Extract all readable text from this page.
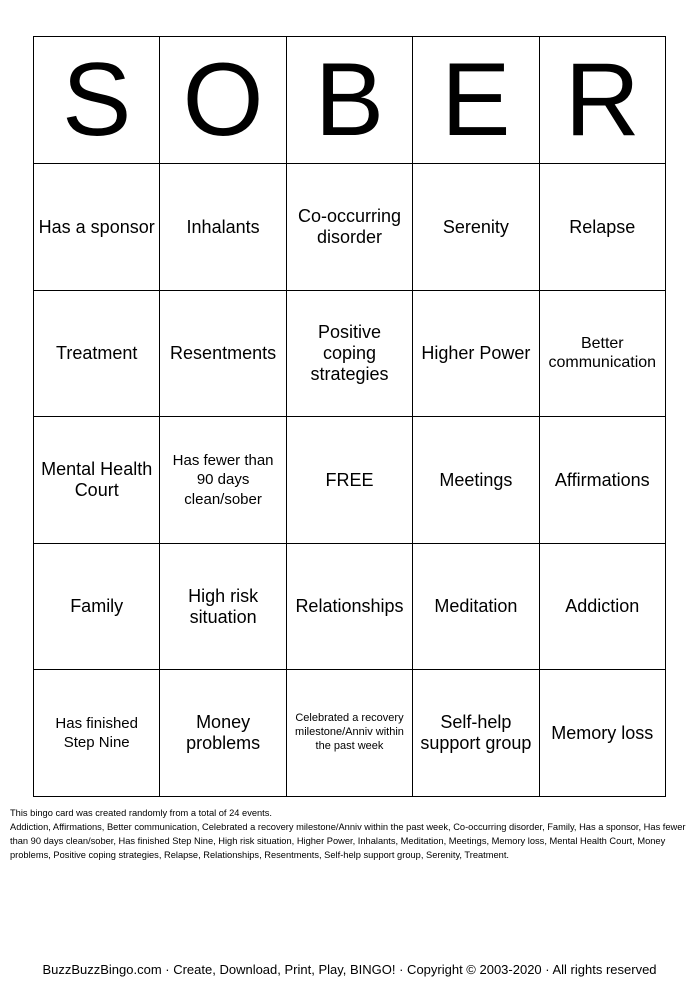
S	O	B	E	R
Has a sponsor	Inhalants	Co-occurring disorder	Serenity	Relapse
Treatment	Resentments	Positive coping strategies	Higher Power	Better communication
Mental Health Court	Has fewer than 90 days clean/sober	FREE	Meetings	Affirmations
Family	High risk situation	Relationships	Meditation	Addiction
Has finished Step Nine	Money problems	Celebrated a recovery milestone/Anniv within the past week	Self-help support group	Memory loss
This bingo card was created randomly from a total of 24 events.
Addiction, Affirmations, Better communication, Celebrated a recovery milestone/Anniv within the past week, Co-occurring disorder, Family, Has a sponsor, Has fewer than 90 days clean/sober, Has finished Step Nine, High risk situation, Higher Power, Inhalants, Meditation, Meetings, Memory loss, Mental Health Court, Money problems, Positive coping strategies, Relapse, Relationships, Resentments, Self-help support group, Serenity, Treatment.
BuzzBuzzBingo.com · Create, Download, Print, Play, BINGO! · Copyright © 2003-2020 · All rights reserved
